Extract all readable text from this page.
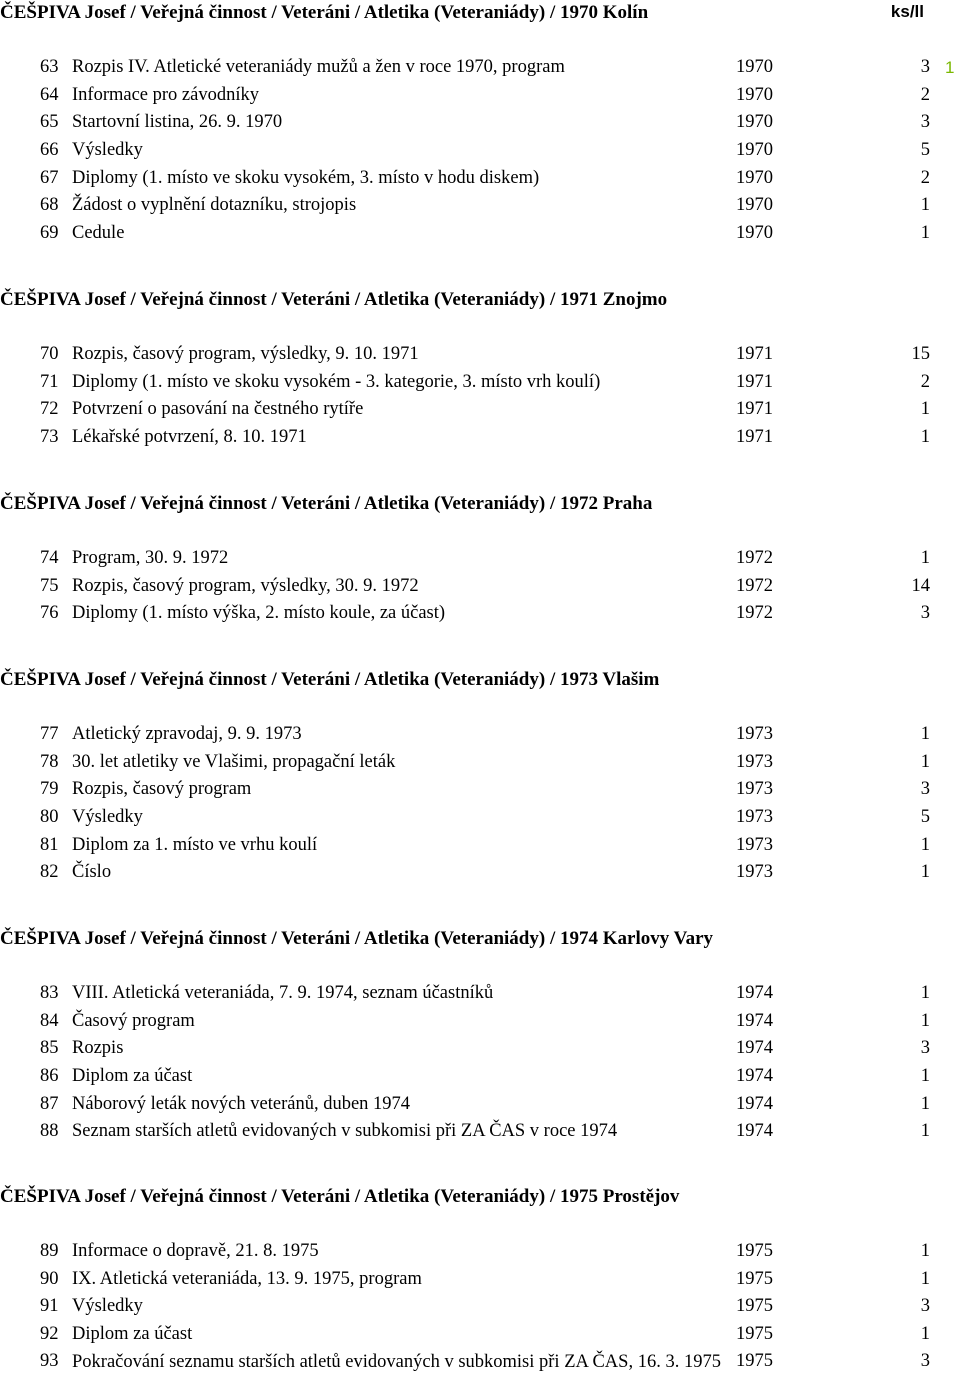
ČEŠPIVA Josef / Veřejná činnost / Veteráni / Atletika (Veteraniády) / 1970 Kolín	ks/ll
63 Rozpis IV. Atletické veteraniády mužů a žen v roce 1970, program	1970	3 1
64 Informace pro závodníky	1970	2
65 Startovní listina, 26. 9. 1970	1970	3
66 Výsledky	1970	5
67 Diplomy (1. místo ve skoku vysokém, 3. místo v hodu diskem)	1970	2
68 Žádost o vyplnění dotazníku, strojopis	1970	1
69 Cedule	1970	1
ČEŠPIVA Josef / Veřejná činnost / Veteráni / Atletika (Veteraniády) / 1971 Znojmo
70 Rozpis, časový program, výsledky, 9. 10. 1971	1971	15
71 Diplomy (1. místo ve skoku vysokém - 3. kategorie, 3. místo vrh koulí)	1971	2
72 Potvrzení o pasování na čestného rytíře	1971	1
73 Lékařské potvrzení, 8. 10. 1971	1971	1
ČEŠPIVA Josef / Veřejná činnost / Veteráni / Atletika (Veteraniády) / 1972 Praha
74 Program, 30. 9. 1972	1972	1
75 Rozpis, časový program, výsledky, 30. 9. 1972	1972	14
76 Diplomy (1. místo výška, 2. místo koule, za účast)	1972	3
ČEŠPIVA Josef / Veřejná činnost / Veteráni / Atletika (Veteraniády) / 1973 Vlašim
77 Atletický zpravodaj, 9. 9. 1973	1973	1
78 30. let atletiky ve Vlašimi, propagační leták	1973	1
79 Rozpis, časový program	1973	3
80 Výsledky	1973	5
81 Diplom za 1. místo ve vrhu koulí	1973	1
82 Číslo	1973	1
ČEŠPIVA Josef / Veřejná činnost / Veteráni / Atletika (Veteraniády) / 1974 Karlovy Vary
83 VIII. Atletická veteraniáda, 7. 9. 1974, seznam účastníků	1974	1
84 Časový program	1974	1
85 Rozpis	1974	3
86 Diplom za účast	1974	1
87 Náborový leták nových veteránů, duben 1974	1974	1
88 Seznam starších atletů evidovaných v subkomisi při ZA ČAS v roce 1974	1974	1
ČEŠPIVA Josef / Veřejná činnost / Veteráni / Atletika (Veteraniády) / 1975 Prostějov
89 Informace o dopravě, 21. 8. 1975	1975	1
90 IX. Atletická veteraniáda, 13. 9. 1975, program	1975	1
91 Výsledky	1975	3
92 Diplom za účast	1975	1
93 Pokračování seznamu starších atletů evidovaných v subkomisi při ZA ČAS, 16. 3. 1975 1975	3
